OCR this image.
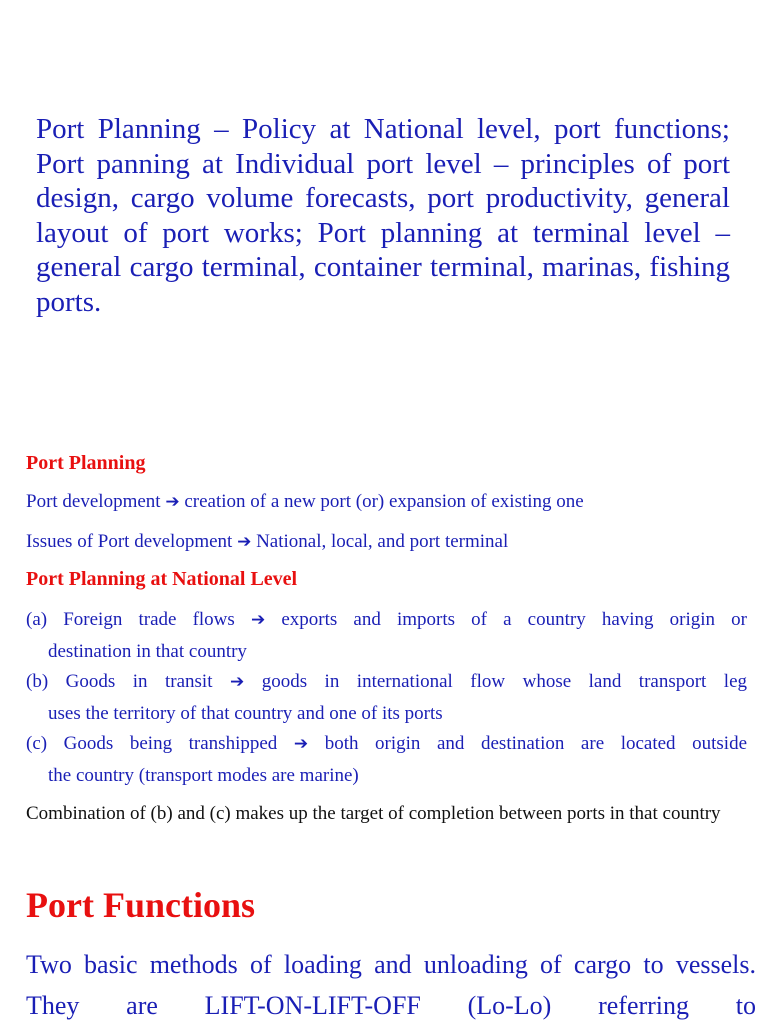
Port Planning – Policy at National level, port functions; Port panning at Individual port level – principles of port design, cargo volume forecasts, port productivity, general layout of port works; Port planning at terminal level – general cargo terminal, container terminal, marinas, fishing ports.

Port Planning

Port development ➔ creation of a new port (or) expansion of existing one

Issues of Port development ➔ National, local, and port terminal

Port Planning at National Level

(a) Foreign trade flows ➔ exports and imports of a country having origin or
destination in that country
(b) Goods in transit ➔ goods in international flow whose land transport leg
uses the territory of that country and one of its ports
(c) Goods being transhipped ➔ both origin and destination are located outside
the country (transport modes are marine)

Combination of (b) and (c) makes up the target of completion between ports in that country

Port Functions

Two basic methods of loading and unloading of cargo to vessels. They are LIFT-ON-LIFT-OFF (Lo-Lo) referring to
